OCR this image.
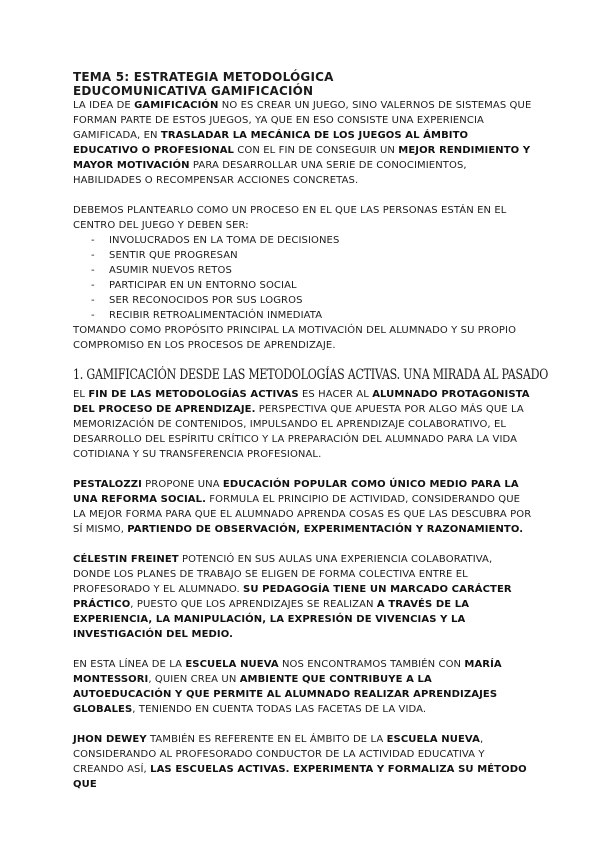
TEMA 5: ESTRATEGIA METODOLÓGICA
EDUCOMUNICATIVA GAMIFICACIÓN

LA IDEA DE GAMIFICACIÓN NO ES CREAR UN JUEGO, SINO VALERNOS DE SISTEMAS QUE FORMAN PARTE DE ESTOS JUEGOS, YA QUE EN ESO CONSISTE UNA EXPERIENCIA GAMIFICADA, EN TRASLADAR LA MECÁNICA DE LOS JUEGOS AL ÁMBITO EDUCATIVO O PROFESIONAL CON EL FIN DE CONSEGUIR UN MEJOR RENDIMIENTO Y MAYOR MOTIVACIÓN PARA DESARROLLAR UNA SERIE DE CONOCIMIENTOS, HABILIDADES O RECOMPENSAR ACCIONES CONCRETAS.

DEBEMOS PLANTEARLO COMO UN PROCESO EN EL QUE LAS PERSONAS ESTÁN EN EL CENTRO DEL JUEGO Y DEBEN SER:

- INVOLUCRADOS EN LA TOMA DE DECISIONES
- SENTIR QUE PROGRESAN
- ASUMIR NUEVOS RETOS
- PARTICIPAR EN UN ENTORNO SOCIAL
- SER RECONOCIDOS POR SUS LOGROS
- RECIBIR RETROALIMENTACIÓN INMEDIATA

TOMANDO COMO PROPÓSITO PRINCIPAL LA MOTIVACIÓN DEL ALUMNADO Y SU PROPIO COMPROMISO EN LOS PROCESOS DE APRENDIZAJE.

1. GAMIFICACIÓN DESDE LAS METODOLOGÍAS ACTIVAS. UNA MIRADA AL PASADO

EL FIN DE LAS METODOLOGÍAS ACTIVAS ES HACER AL ALUMNADO PROTAGONISTA DEL PROCESO DE APRENDIZAJE. PERSPECTIVA QUE APUESTA POR ALGO MÁS QUE LA MEMORIZACIÓN DE CONTENIDOS, IMPULSANDO EL APRENDIZAJE COLABORATIVO, EL DESARROLLO DEL ESPÍRITU CRÍTICO Y LA PREPARACIÓN DEL ALUMNADO PARA LA VIDA COTIDIANA Y SU TRANSFERENCIA PROFESIONAL.

PESTALOZZI PROPONE UNA EDUCACIÓN POPULAR COMO ÚNICO MEDIO PARA LA UNA REFORMA SOCIAL. FORMULA EL PRINCIPIO DE ACTIVIDAD, CONSIDERANDO QUE LA MEJOR FORMA PARA QUE EL ALUMNADO APRENDA COSAS ES QUE LAS DESCUBRA POR SÍ MISMO, PARTIENDO DE OBSERVACIÓN, EXPERIMENTACIÓN Y RAZONAMIENTO.

CÉLESTIN FREINET POTENCIÓ EN SUS AULAS UNA EXPERIENCIA COLABORATIVA, DONDE LOS PLANES DE TRABAJO SE ELIGEN DE FORMA COLECTIVA ENTRE EL PROFESORADO Y EL ALUMNADO. SU PEDAGOGÍA TIENE UN MARCADO CARÁCTER PRÁCTICO, PUESTO QUE LOS APRENDIZAJES SE REALIZAN A TRAVÉS DE LA EXPERIENCIA, LA MANIPULACIÓN, LA EXPRESIÓN DE VIVENCIAS Y LA INVESTIGACIÓN DEL MEDIO.

EN ESTA LÍNEA DE LA ESCUELA NUEVA NOS ENCONTRAMOS TAMBIÉN CON MARÍA MONTESSORI, QUIEN CREA UN AMBIENTE QUE CONTRIBUYE A LA AUTOEDUCACIÓN Y QUE PERMITE AL ALUMNADO REALIZAR APRENDIZAJES GLOBALES, TENIENDO EN CUENTA TODAS LAS FACETAS DE LA VIDA.

JHON DEWEY TAMBIÉN ES REFERENTE EN EL ÁMBITO DE LA ESCUELA NUEVA, CONSIDERANDO AL PROFESORADO CONDUCTOR DE LA ACTIVIDAD EDUCATIVA Y CREANDO ASÍ, LAS ESCUELAS ACTIVAS. EXPERIMENTA Y FORMALIZA SU MÉTODO QUE
